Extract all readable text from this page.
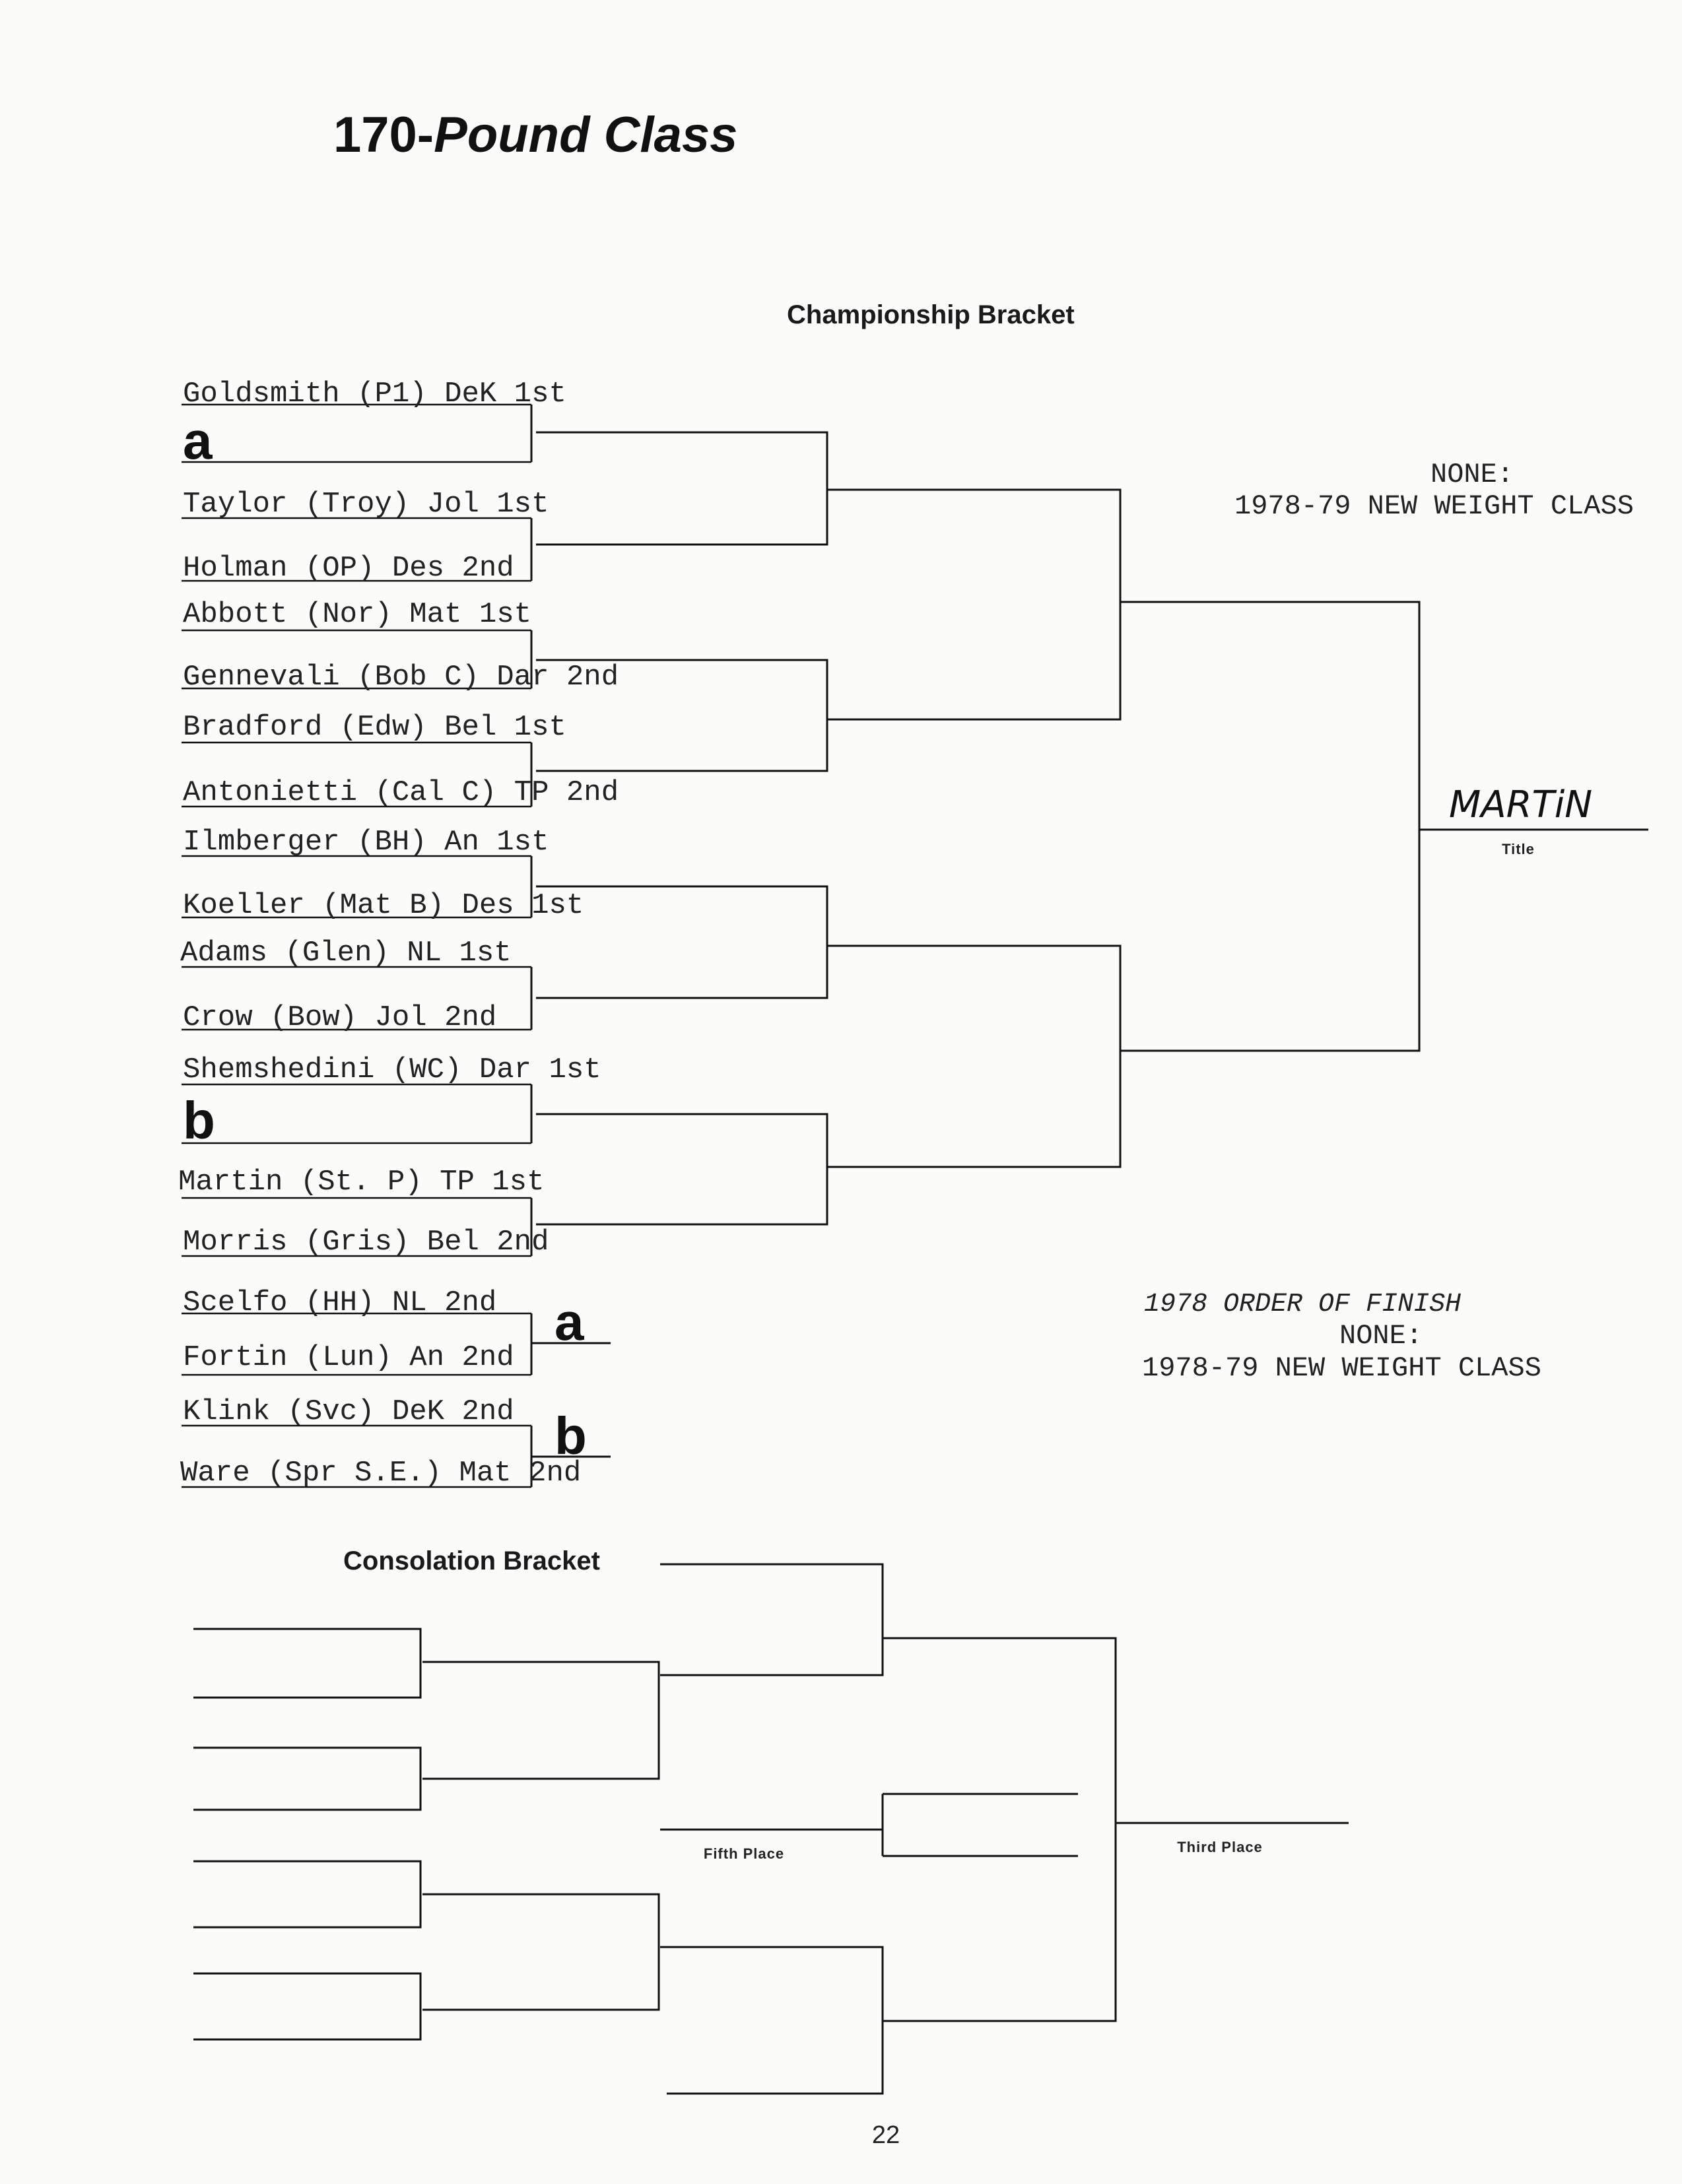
170-Pound Class
Championship Bracket
Goldsmith (P1) DeK 1st
Taylor (Troy) Jol 1st
Holman (OP) Des 2nd
Abbott (Nor) Mat 1st
Gennevali (Bob C) Dar 2nd
Bradford (Edw) Bel 1st
Antonietti (Cal C) TP 2nd
Ilmberger (BH) An 1st
Koeller (Mat B) Des 1st
Adams (Glen) NL 1st
Crow (Bow) Jol 2nd
Shemshedini (WC) Dar 1st
Martin (St. P) TP 1st
Morris (Gris) Bel 2nd
a
b
Scelfo (HH) NL 2nd
Fortin (Lun) An 2nd
Klink (Svc) DeK 2nd
Ware (Spr S.E.) Mat 2nd
a
b
NONE:
1978-79 NEW WEIGHT CLASS
MARTiN
Title
1978 ORDER OF FINISH
NONE:
1978-79 NEW WEIGHT CLASS
Consolation Bracket
Fifth Place	Third Place
22
